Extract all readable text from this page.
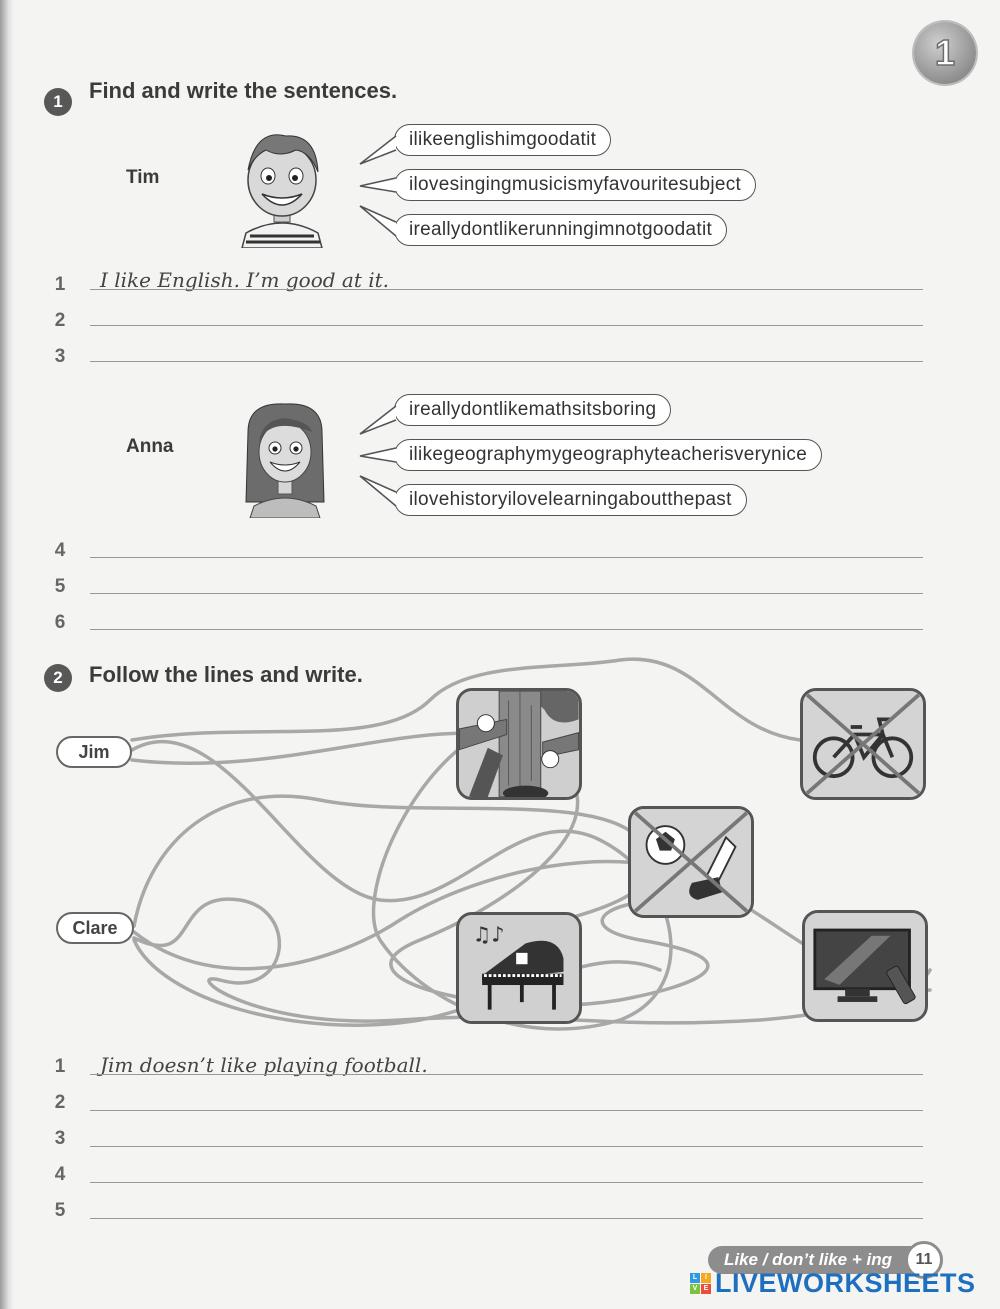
1
1	Find and write the sentences.
Tim
ilikeenglishimgoodatit
ilovesingingmusicismyfavouritesubject
ireallydontlikerunningimnotgoodatit
1 I like English. I’m good at it.
2
3
Anna
ireallydontlikemathsitsboring
ilikegeographymygeographyteacherisverynice
ilovehistoryilovelearningaboutthepast
4
5
6
2	Follow the lines and write.
Jim
Clare	♫♪
1 Jim doesn’t like playing football.
2
3
4
5
Like / don’t like + ing	11
L	I
V E LIVEWORKSHEETS
